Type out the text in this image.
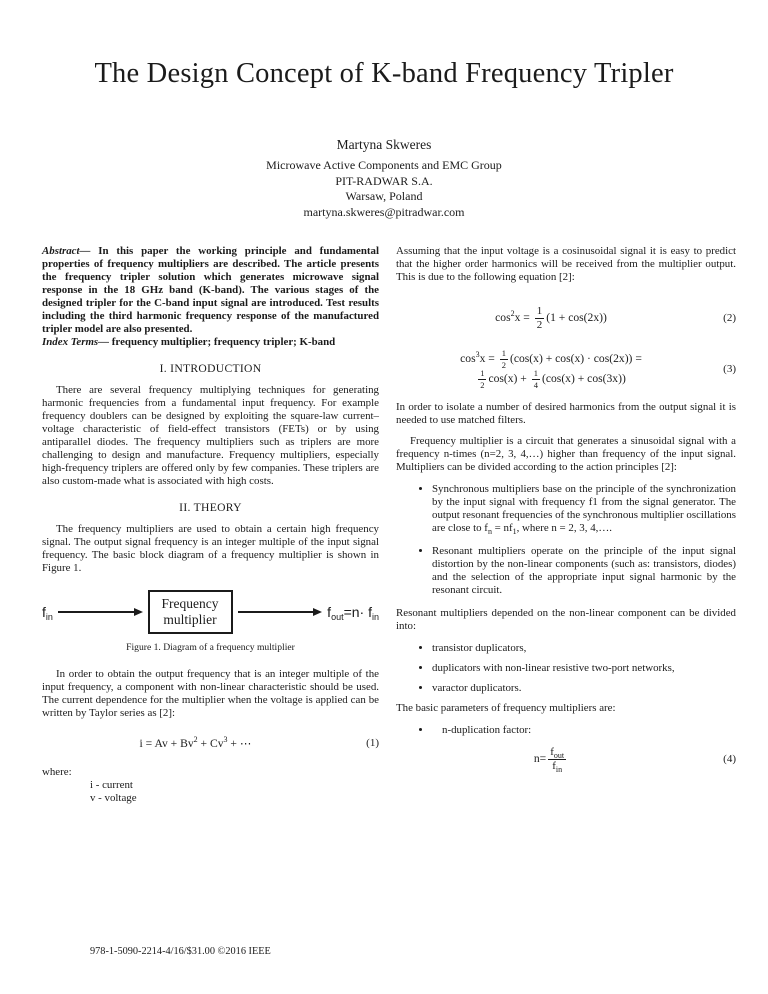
The Design Concept of K-band Frequency Tripler
Martyna Skweres
Microwave Active Components and EMC Group
PIT-RADWAR S.A.
Warsaw, Poland
martyna.skweres@pitradwar.com

Abstract— In this paper the working principle and fundamental properties of frequency multipliers are described. The article presents the frequency tripler solution which generates microwave signal response in the 18 GHz band (K-band). The various stages of the designed tripler for the C-band input signal are introduced. Test results including the third harmonic frequency response of the manufactured tripler model are also presented.

Index Terms— frequency multiplier; frequency tripler; K-band

I. INTRODUCTION

There are several frequency multiplying techniques for generating harmonic frequencies from a fundamental input frequency. For example frequency doublers can be designed by exploiting the square-law current–voltage characteristic of field-effect transistors (FETs) or by using antiparallel diodes. The frequency multipliers such as triplers are more challenging to design and manufacture. Frequency multipliers, especially high-frequency triplers are offered only by few companies. These triplers are also custom-made what is associated with high costs.

II. THEORY

The frequency multipliers are used to obtain a certain high frequency signal. The output signal frequency is an integer multiple of the input signal frequency. The basic block diagram of a frequency multiplier is shown in Figure 1.

$f_{in}$
Frequency
multiplier	$f_{out}=n\cdot f_{in}$
Figure 1. Diagram of a frequency multiplier

In order to obtain the output frequency that is an integer multiple of the input frequency, a component with non-linear characteristic should be used. The current dependence for the multiplier when the voltage is applied can be written by Taylor series as [2]:

$i = Av + Bv^2 + Cv^3$ + ⋯	(1)

where:

i - current

v - voltage

Assuming that the input voltage is a cosinusoidal signal it is easy to predict that the higher order harmonics will be received from the multiplier output. This is due to the following equation [2]:

$\cos^2x = \frac{1}{2} (1 + \cos(2x))$	(2)
$\cos^3x = \frac{1}{2} (\cos(x) + \cos(x) \cdot \cos(2x))$ =

$\frac{1}{2} \cos(x) + \frac{1}{4} (\cos(x) + \cos(3x))$
(3)

In order to isolate a number of desired harmonics from the output signal it is needed to use matched filters.

Frequency multiplier is a circuit that generates a sinusoidal signal with a frequency n-times (n=2, 3, 4,…) higher than frequency of the input signal. Multipliers can be divided according to the action principles [2]:

• Synchronous multipliers base on the principle of the synchronization by the input signal with frequency f1 from the signal generator. The output resonant frequencies of the synchronous multiplier oscillations are close to $f_n = nf_1$, where n = 2, 3, 4,….
• Resonant multipliers operate on the principle of the input signal distortion by the non-linear components (such as: transistors, diodes) and the selection of the appropriate input signal harmonic by the resonant circuit.

Resonant multipliers depended on the non-linear component can be divided into:

• transistor duplicators,
• duplicators with non-linear resistive two-port networks,
• varactor duplicators.

The basic parameters of frequency multipliers are:

• n-duplication factor:
$n= \frac{f_{out}}{f_{in}}$	(4)
978-1-5090-2214-4/16/$31.00 ©2016 IEEE
